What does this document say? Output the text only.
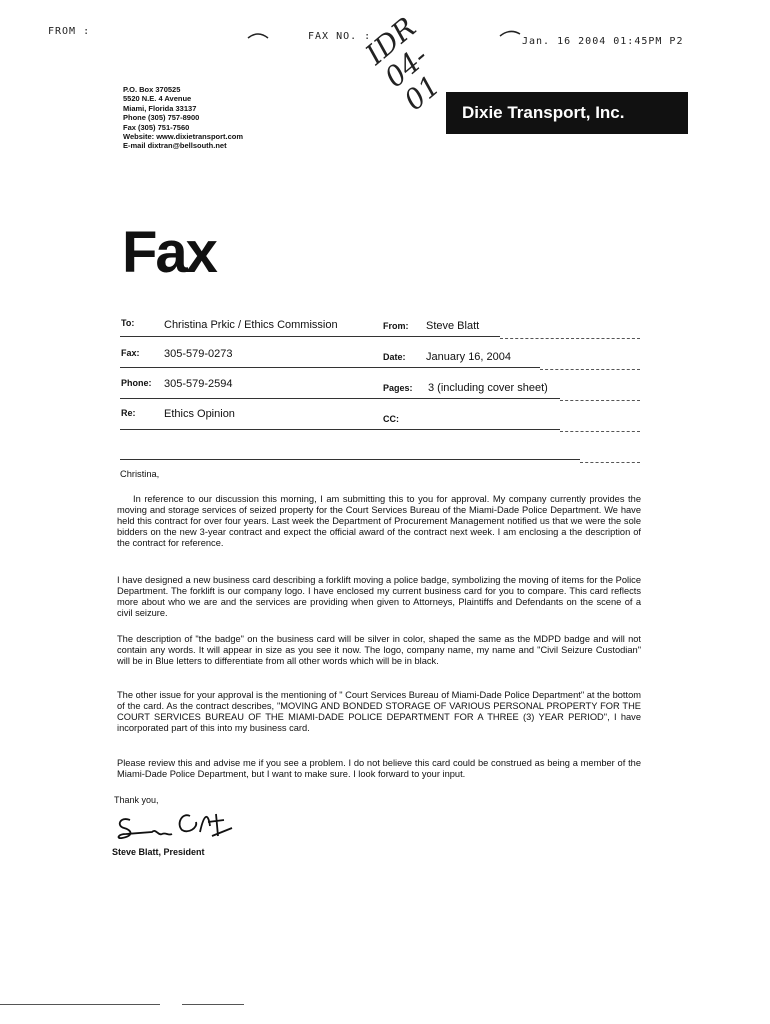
FROM :	FAX NO. :	Jan. 16 2004 01:45PM P2
IDR 04-01
P.O. Box 370525
5520 N.E. 4 Avenue
Miami, Florida 33137
Phone (305) 757-8900
Fax (305) 751-7560
Website: www.dixietransport.com
E-mail dixtran@bellsouth.net
Dixie Transport, Inc.
Fax
To:	Christina Prkic / Ethics Commission	From: Steve Blatt
Fax: 305-579-0273	Date: January 16, 2004
Phone: 305-579-2594	Pages: 3 (including cover sheet)
Re:	Ethics Opinion	CC:
Christina,
In reference to our discussion this morning, I am submitting this to you for approval. My company currently provides the moving and storage services of seized property for the Court Services Bureau of the Miami-Dade Police Department. We have held this contract for over four years. Last week the Department of Procurement Management notified us that we were the sole bidders on the new 3-year contract and expect the official award of the contract next week. I am enclosing a the description of the contract for reference.
I have designed a new business card describing a forklift moving a police badge, symbolizing the moving of items for the Police Department. The forklift is our company logo. I have enclosed my current business card for you to compare. This card reflects more about who we are and the services are providing when given to Attorneys, Plaintiffs and Defendants on the scene of a civil seizure.
The description of "the badge" on the business card will be silver in color, shaped the same as the MDPD badge and will not contain any words. It will appear in size as you see it now. The logo, company name, my name and "Civil Seizure Custodian" will be in Blue letters to differentiate from all other words which will be in black.
The other issue for your approval is the mentioning of " Court Services Bureau of Miami-Dade Police Department" at the bottom of the card. As the contract describes, "MOVING AND BONDED STORAGE OF VARIOUS PERSONAL PROPERTY FOR THE COURT SERVICES BUREAU OF THE MIAMI-DADE POLICE DEPARTMENT FOR A THREE (3) YEAR PERIOD", I have incorporated part of this into my business card.
Please review this and advise me if you see a problem. I do not believe this card could be construed as being a member of the Miami-Dade Police Department, but I want to make sure. I look forward to your input.
Thank you,
Steve Blatt, President
